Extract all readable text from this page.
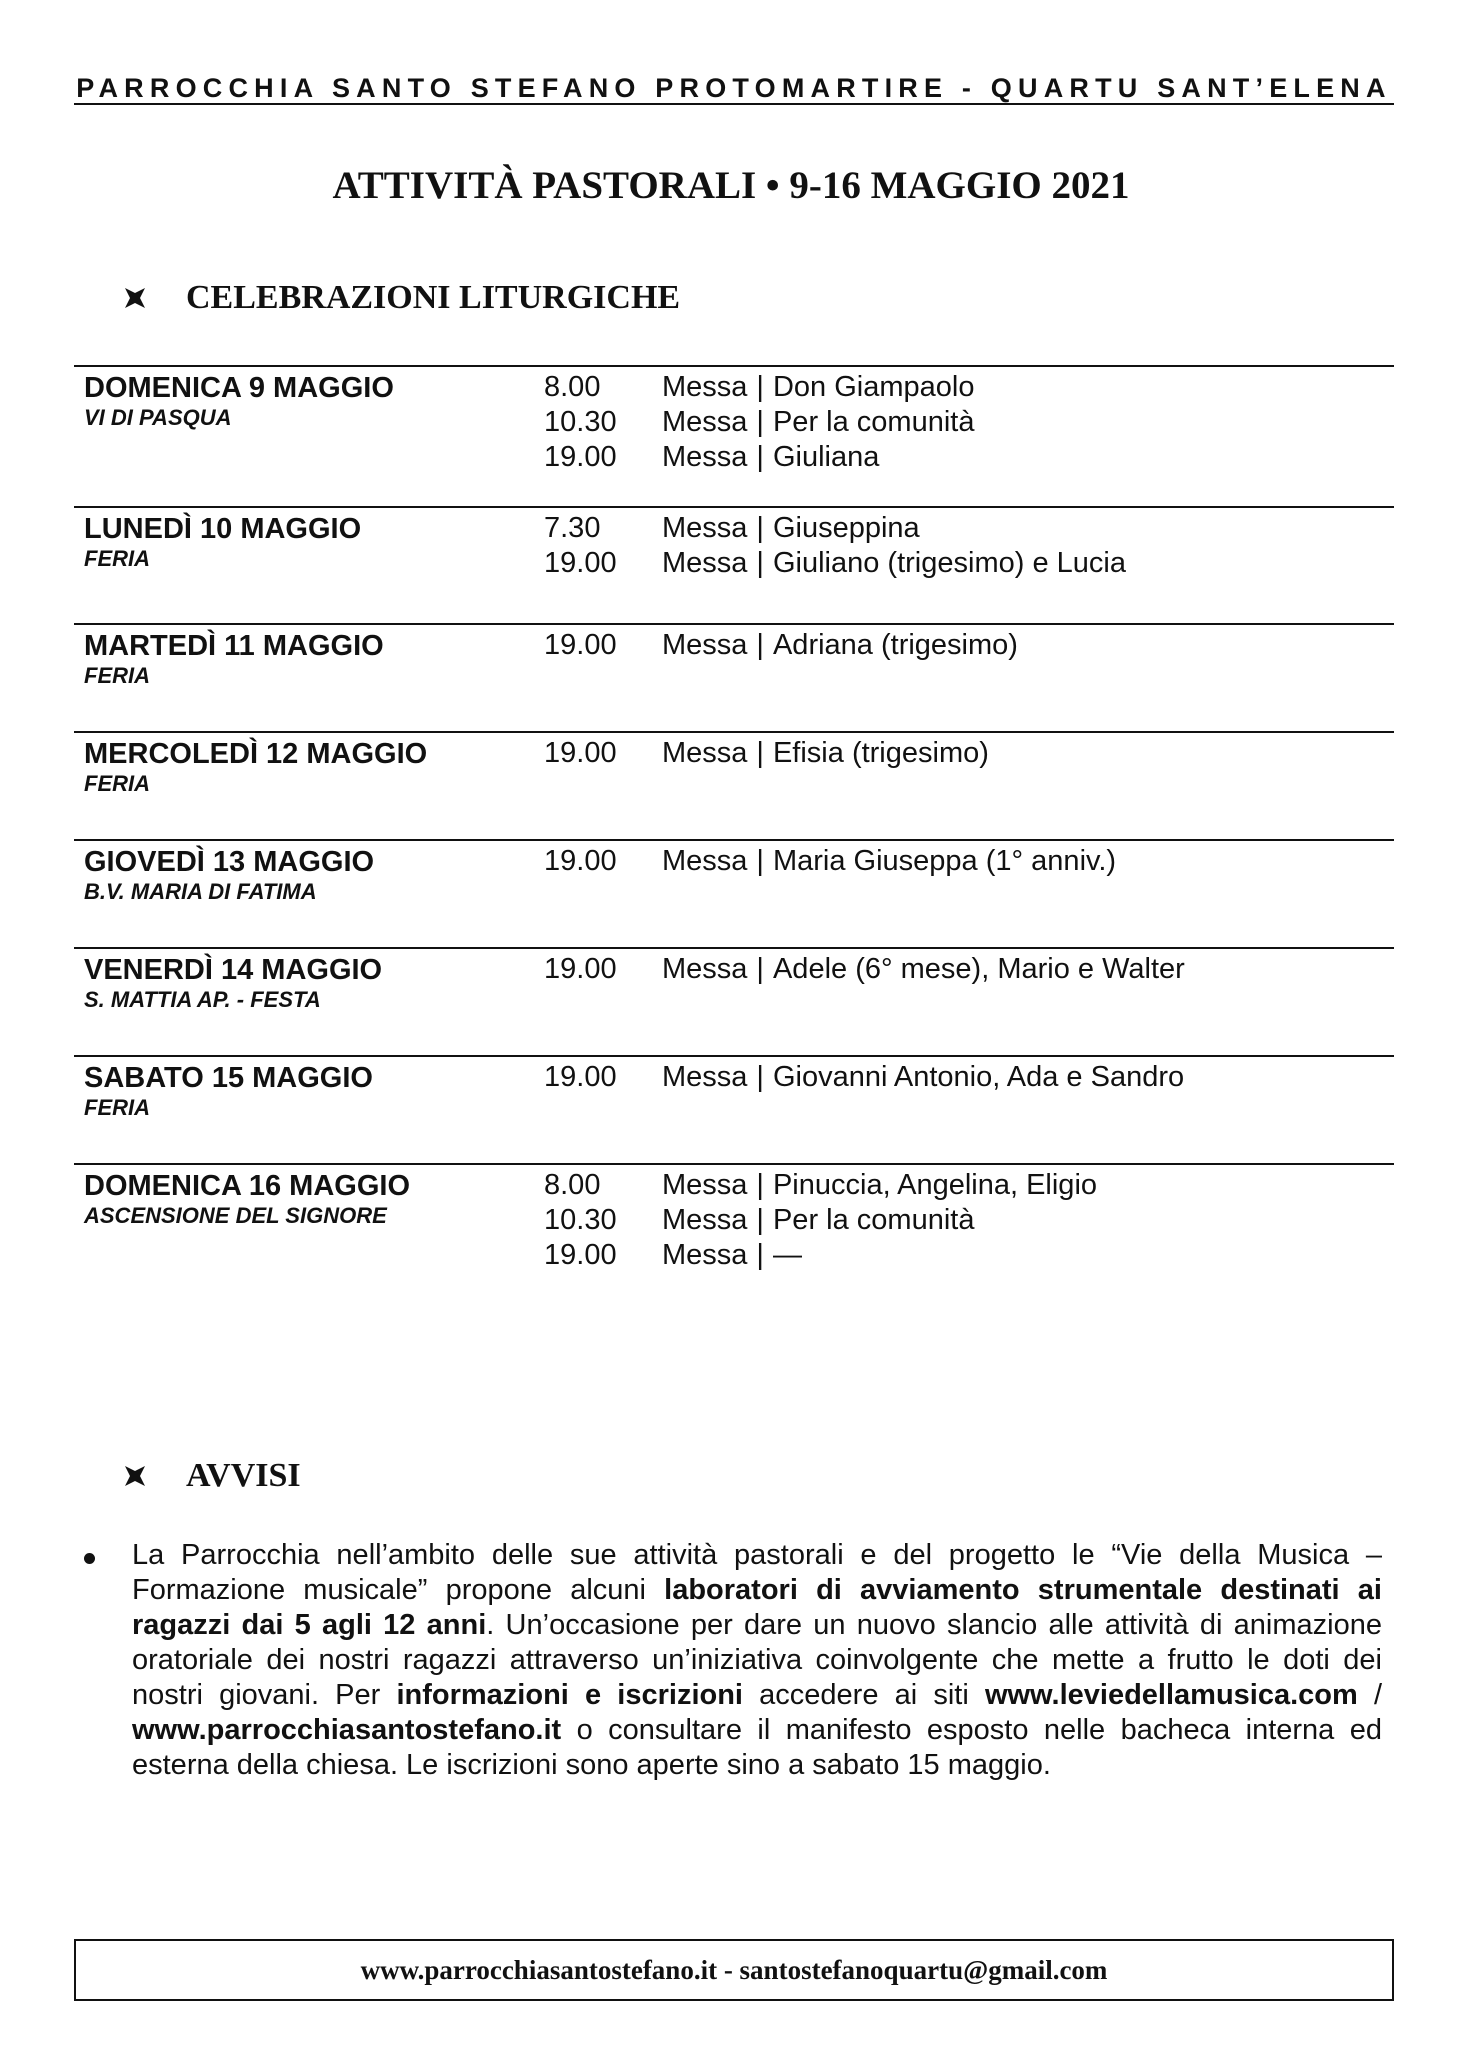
PARROCCHIA SANTO STEFANO PROTOMARTIRE - QUARTU SANT’ELENA
ATTIVITÀ PASTORALI • 9-16 MAGGIO 2021
CELEBRAZIONI LITURGICHE
DOMENICA 9 MAGGIO
VI DI PASQUA
8.00 Messa | Don Giampaolo
10.30 Messa | Per la comunità
19.00 Messa | Giuliana
LUNEDÌ 10 MAGGIO
FERIA
7.30 Messa | Giuseppina
19.00 Messa | Giuliano (trigesimo) e Lucia
MARTEDÌ 11 MAGGIO
FERIA
19.00 Messa | Adriana (trigesimo)
MERCOLEDÌ 12 MAGGIO
FERIA
19.00 Messa | Efisia (trigesimo)
GIOVEDÌ 13 MAGGIO
B.V. MARIA DI FATIMA
19.00 Messa | Maria Giuseppa (1° anniv.)
VENERDÌ 14 MAGGIO
S. MATTIA AP. - FESTA
19.00 Messa | Adele (6° mese), Mario e Walter
SABATO 15 MAGGIO
FERIA
19.00 Messa | Giovanni Antonio, Ada e Sandro
DOMENICA 16 MAGGIO
ASCENSIONE DEL SIGNORE
8.00 Messa | Pinuccia, Angelina, Eligio
10.30 Messa | Per la comunità
19.00 Messa | —
AVVISI
La Parrocchia nell’ambito delle sue attività pastorali e del progetto le “Vie della Musica – Formazione musicale” propone alcuni laboratori di avviamento strumentale destinati ai ragazzi dai 5 agli 12 anni. Un’occasione per dare un nuovo slancio alle attività di animazione oratoriale dei nostri ragazzi attraverso un’iniziativa coinvolgente che mette a frutto le doti dei nostri giovani. Per informazioni e iscrizioni accedere ai siti www.leviedellamusica.com / www.parrocchiasantostefano.it o consultare il manifesto esposto nelle bacheca interna ed esterna della chiesa. Le iscrizioni sono aperte sino a sabato 15 maggio.
www.parrocchiasantostefano.it - santostefanoquartu@gmail.com
